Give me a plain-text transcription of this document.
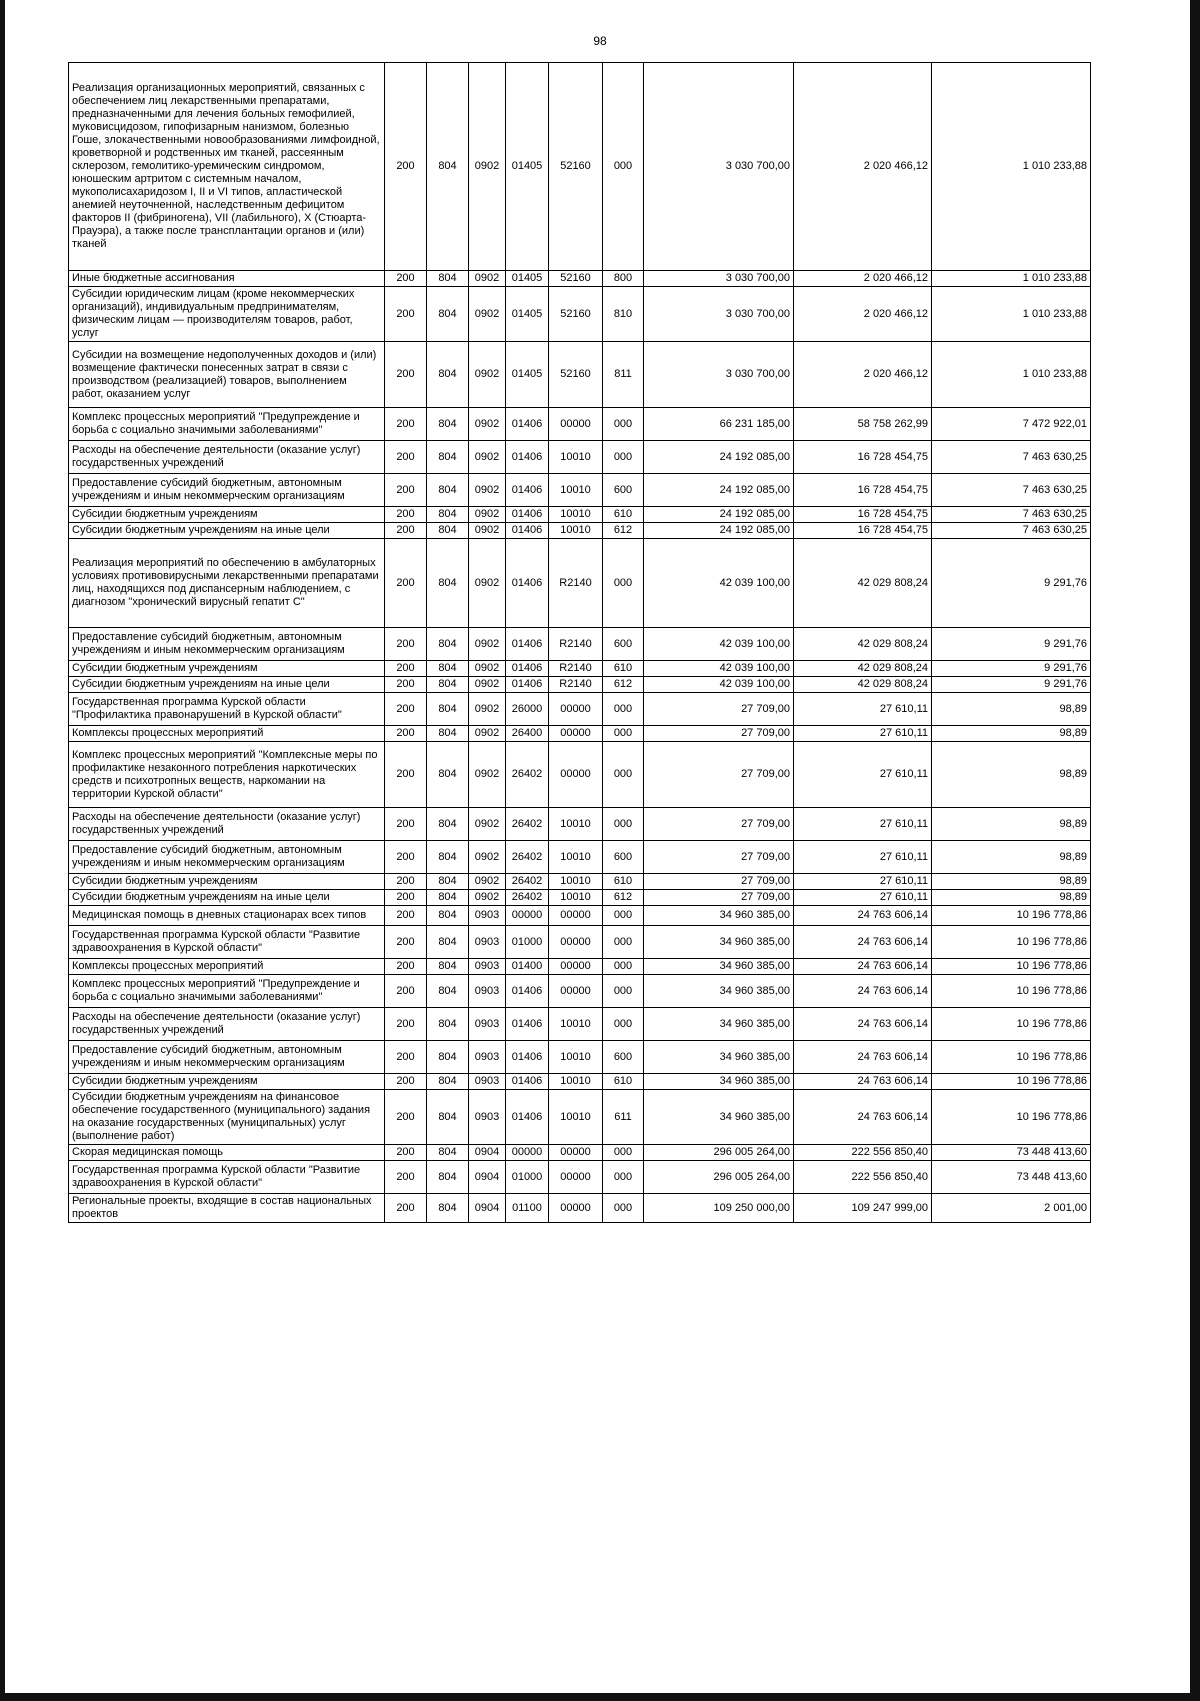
98
Реализация организационных мероприятий, связанных с обеспечением лиц лекарственными препаратами, предназначенными для лечения больных гемофилией, муковисцидозом, гипофизарным нанизмом, болезнью Гоше, злокачественными новообразованиями лимфоидной, кроветворной и родственных им тканей, рассеянным склерозом, гемолитико-уремическим синдромом, юношеским артритом с системным началом, мукополисахаридозом I, II и VI типов, апластической анемией неуточненной, наследственным дефицитом факторов II (фибриногена), VII (лабильного), X (Стюарта-Прауэра), а также после трансплантации органов и (или) тканей	200	804	0902	01405	52160	000	3 030 700,00	2 020 466,12	1 010 233,88
Иные бюджетные ассигнования	200	804	0902	01405	52160	800	3 030 700,00	2 020 466,12	1 010 233,88
Субсидии юридическим лицам (кроме некоммерческих организаций), индивидуальным предпринимателям, физическим лицам — производителям товаров, работ, услуг	200	804	0902	01405	52160	810	3 030 700,00	2 020 466,12	1 010 233,88
Субсидии на возмещение недополученных доходов и (или) возмещение фактически понесенных затрат в связи с производством (реализацией) товаров, выполнением работ, оказанием услуг	200	804	0902	01405	52160	811	3 030 700,00	2 020 466,12	1 010 233,88
Комплекс процессных мероприятий "Предупреждение и борьба с социально значимыми заболеваниями"	200	804	0902	01406	00000	000	66 231 185,00	58 758 262,99	7 472 922,01
Расходы на обеспечение деятельности (оказание услуг) государственных учреждений	200	804	0902	01406	10010	000	24 192 085,00	16 728 454,75	7 463 630,25
Предоставление субсидий бюджетным, автономным учреждениям и иным некоммерческим организациям	200	804	0902	01406	10010	600	24 192 085,00	16 728 454,75	7 463 630,25
Субсидии бюджетным учреждениям	200	804	0902	01406	10010	610	24 192 085,00	16 728 454,75	7 463 630,25
Субсидии бюджетным учреждениям на иные цели	200	804	0902	01406	10010	612	24 192 085,00	16 728 454,75	7 463 630,25
Реализация мероприятий по обеспечению в амбулаторных условиях противовирусными лекарственными препаратами лиц, находящихся под диспансерным наблюдением, с диагнозом "хронический вирусный гепатит С"	200	804	0902	01406	R2140	000	42 039 100,00	42 029 808,24	9 291,76
Предоставление субсидий бюджетным, автономным учреждениям и иным некоммерческим организациям	200	804	0902	01406	R2140	600	42 039 100,00	42 029 808,24	9 291,76
Субсидии бюджетным учреждениям	200	804	0902	01406	R2140	610	42 039 100,00	42 029 808,24	9 291,76
Субсидии бюджетным учреждениям на иные цели	200	804	0902	01406	R2140	612	42 039 100,00	42 029 808,24	9 291,76
Государственная программа Курской области "Профилактика правонарушений в Курской области"	200	804	0902	26000	00000	000	27 709,00	27 610,11	98,89
Комплексы процессных мероприятий	200	804	0902	26400	00000	000	27 709,00	27 610,11	98,89
Комплекс процессных мероприятий "Комплексные меры по профилактике незаконного потребления наркотических средств и психотропных веществ, наркомании на территории Курской области"	200	804	0902	26402	00000	000	27 709,00	27 610,11	98,89
Расходы на обеспечение деятельности (оказание услуг) государственных учреждений	200	804	0902	26402	10010	000	27 709,00	27 610,11	98,89
Предоставление субсидий бюджетным, автономным учреждениям и иным некоммерческим организациям	200	804	0902	26402	10010	600	27 709,00	27 610,11	98,89
Субсидии бюджетным учреждениям	200	804	0902	26402	10010	610	27 709,00	27 610,11	98,89
Субсидии бюджетным учреждениям на иные цели	200	804	0902	26402	10010	612	27 709,00	27 610,11	98,89
Медицинская помощь в дневных стационарах всех типов	200	804	0903	00000	00000	000	34 960 385,00	24 763 606,14	10 196 778,86
Государственная программа Курской области "Развитие здравоохранения в Курской области"	200	804	0903	01000	00000	000	34 960 385,00	24 763 606,14	10 196 778,86
Комплексы процессных мероприятий	200	804	0903	01400	00000	000	34 960 385,00	24 763 606,14	10 196 778,86
Комплекс процессных мероприятий "Предупреждение и борьба с социально значимыми заболеваниями"	200	804	0903	01406	00000	000	34 960 385,00	24 763 606,14	10 196 778,86
Расходы на обеспечение деятельности (оказание услуг) государственных учреждений	200	804	0903	01406	10010	000	34 960 385,00	24 763 606,14	10 196 778,86
Предоставление субсидий бюджетным, автономным учреждениям и иным некоммерческим организациям	200	804	0903	01406	10010	600	34 960 385,00	24 763 606,14	10 196 778,86
Субсидии бюджетным учреждениям	200	804	0903	01406	10010	610	34 960 385,00	24 763 606,14	10 196 778,86
Субсидии бюджетным учреждениям на финансовое обеспечение государственного (муниципального) задания на оказание государственных (муниципальных) услуг (выполнение работ)	200	804	0903	01406	10010	611	34 960 385,00	24 763 606,14	10 196 778,86
Скорая медицинская помощь	200	804	0904	00000	00000	000	296 005 264,00	222 556 850,40	73 448 413,60
Государственная программа Курской области "Развитие здравоохранения в Курской области"	200	804	0904	01000	00000	000	296 005 264,00	222 556 850,40	73 448 413,60
Региональные проекты, входящие в состав национальных проектов	200	804	0904	01100	00000	000	109 250 000,00	109 247 999,00	2 001,00
